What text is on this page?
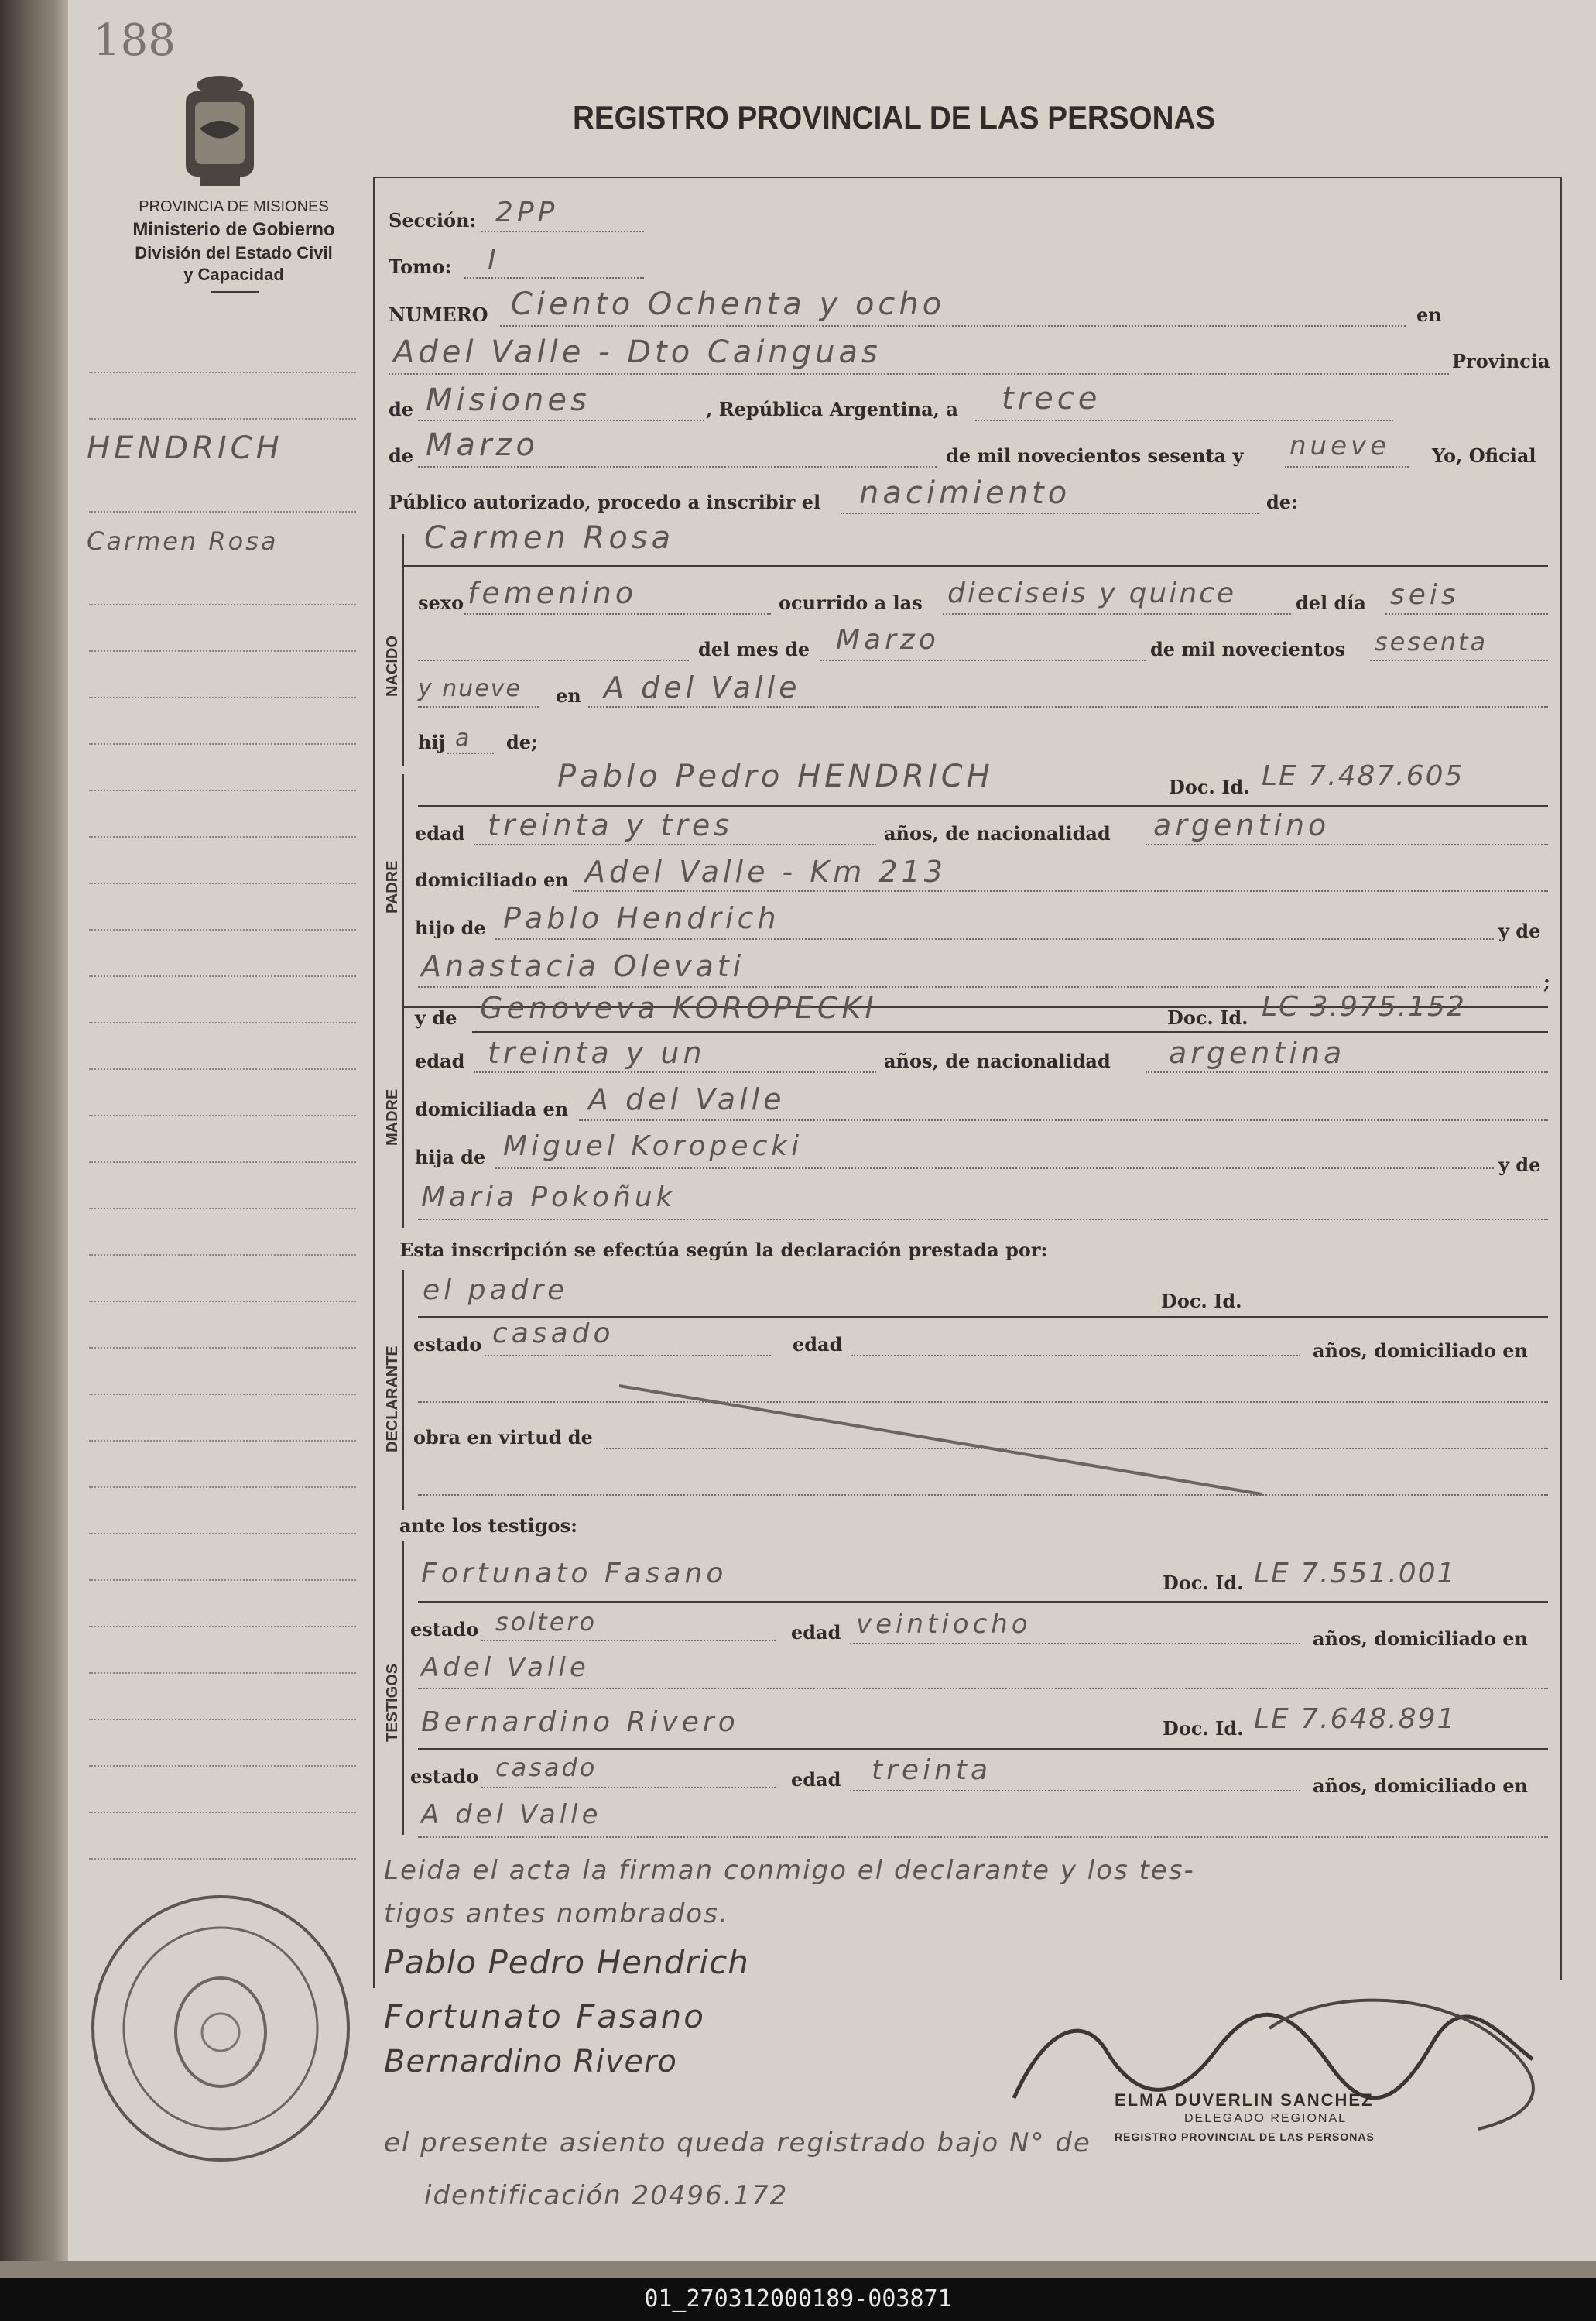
188
PROVINCIA DE MISIONES
Ministerio de Gobierno
División del Estado Civil
y Capacidad
REGISTRO PROVINCIAL DE LAS PERSONAS
HENDRICH
Carmen Rosa
Sección: 2PP
Tomo: I
NUMERO Ciento Ochenta y ocho	en
Adel Valle - Dto Cainguas	Provincia
de Misiones	, República Argentina, a trece
de Marzo	de mil novecientos sesenta y nueve Yo, Oficial
Público autorizado, procedo a inscribir el nacimiento	de:
NACIDO
Carmen Rosa
sexo femenino	ocurrido a las dieciseis y quince	del día seis
del mes de Marzo	de mil novecientos sesenta
y nueve en A del Valle
hij a de;
PADRE
Pablo Pedro HENDRICH	Doc. Id. LE 7.487.605
edad treinta y tres	años, de nacionalidad argentino
domiciliado en Adel Valle - Km 213
hijo de Pablo Hendrich	y de
Anastacia Olevati	;
MADRE
y de Genoveva KOROPECKI	Doc. Id. LC 3.975.152
edad treinta y un	años, de nacionalidad argentina
domiciliada en A del Valle
hija de Miguel Koropecki
y de
Maria Pokoñuk
Esta inscripción se efectúa según la declaración prestada por:
DECLARANTE
el padre	Doc. Id.
estado casado	edad	años, domiciliado en
obra en virtud de
ante los testigos:
TESTIGOS
Fortunato Fasano	Doc. Id. LE 7.551.001
estado soltero	edad veintiocho	años, domiciliado en
Adel Valle
Bernardino Rivero	Doc. Id. LE 7.648.891
estado casado	edad treinta	años, domiciliado en
A del Valle
Leida el acta la firman conmigo el declarante y los tes-
tigos antes nombrados.
Pablo Pedro Hendrich
Fortunato Fasano
Bernardino Rivero
ELMA DUVERLIN SANCHEZ
DELEGADO REGIONAL
REGISTRO PROVINCIAL DE LAS PERSONAS
el presente asiento queda registrado bajo N° de
identificación 20496.172
01_270312000189-003871
